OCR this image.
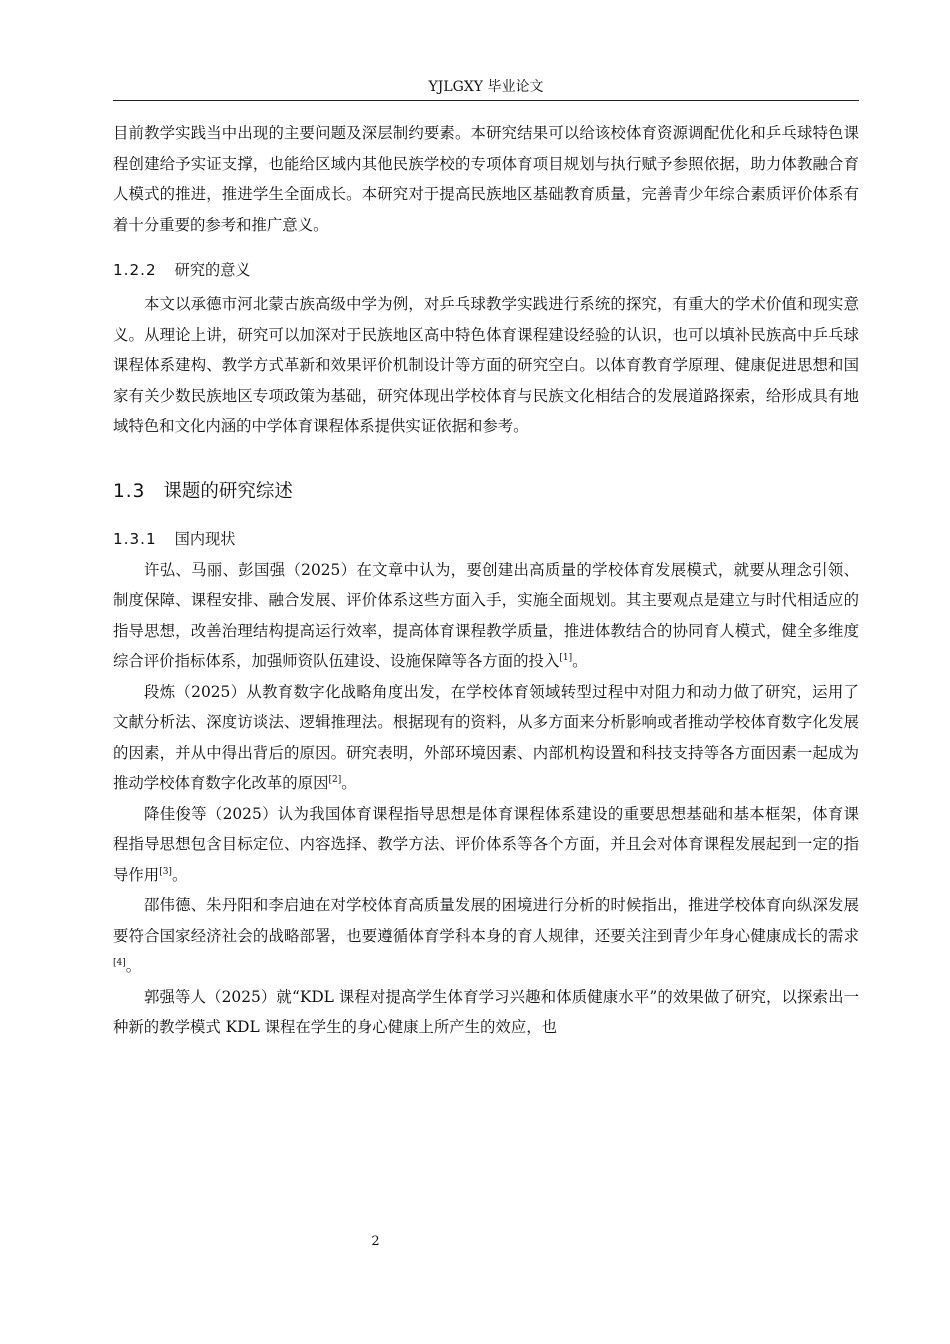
YJLGXY 毕业论文

目前教学实践当中出现的主要问题及深层制约要素。本研究结果可以给该校体育资源调配优化和乒乓球特色课程创建给予实证支撑，也能给区域内其他民族学校的专项体育项目规划与执行赋予参照依据，助力体教融合育人模式的推进，推进学生全面成长。本研究对于提高民族地区基础教育质量，完善青少年综合素质评价体系有着十分重要的参考和推广意义。

1.2.2 研究的意义

本文以承德市河北蒙古族高级中学为例，对乒乓球教学实践进行系统的探究，有重大的学术价值和现实意义。从理论上讲，研究可以加深对于民族地区高中特色体育课程建设经验的认识，也可以填补民族高中乒乓球课程体系建构、教学方式革新和效果评价机制设计等方面的研究空白。以体育教育学原理、健康促进思想和国家有关少数民族地区专项政策为基础，研究体现出学校体育与民族文化相结合的发展道路探索，给形成具有地域特色和文化内涵的中学体育课程体系提供实证依据和参考。

1.3 课题的研究综述
1.3.1 国内现状

许弘、马丽、彭国强（2025）在文章中认为，要创建出高质量的学校体育发展模式，就要从理念引领、制度保障、课程安排、融合发展、评价体系这些方面入手，实施全面规划。其主要观点是建立与时代相适应的指导思想，改善治理结构提高运行效率，提高体育课程教学质量，推进体教结合的协同育人模式，健全多维度综合评价指标体系，加强师资队伍建设、设施保障等各方面的投入[1]。

段炼（2025）从教育数字化战略角度出发，在学校体育领域转型过程中对阻力和动力做了研究，运用了文献分析法、深度访谈法、逻辑推理法。根据现有的资料，从多方面来分析影响或者推动学校体育数字化发展的因素，并从中得出背后的原因。研究表明，外部环境因素、内部机构设置和科技支持等各方面因素一起成为推动学校体育数字化改革的原因[2]。

降佳俊等（2025）认为我国体育课程指导思想是体育课程体系建设的重要思想基础和基本框架，体育课程指导思想包含目标定位、内容选择、教学方法、评价体系等各个方面，并且会对体育课程发展起到一定的指导作用[3]。

邵伟德、朱丹阳和李启迪在对学校体育高质量发展的困境进行分析的时候指出，推进学校体育向纵深发展要符合国家经济社会的战略部署，也要遵循体育学科本身的育人规律，还要关注到青少年身心健康成长的需求[4]。

郭强等人（2025）就“KDL 课程对提高学生体育学习兴趣和体质健康水平”的效果做了研究，以探索出一种新的教学模式 KDL 课程在学生的身心健康上所产生的效应，也

2
